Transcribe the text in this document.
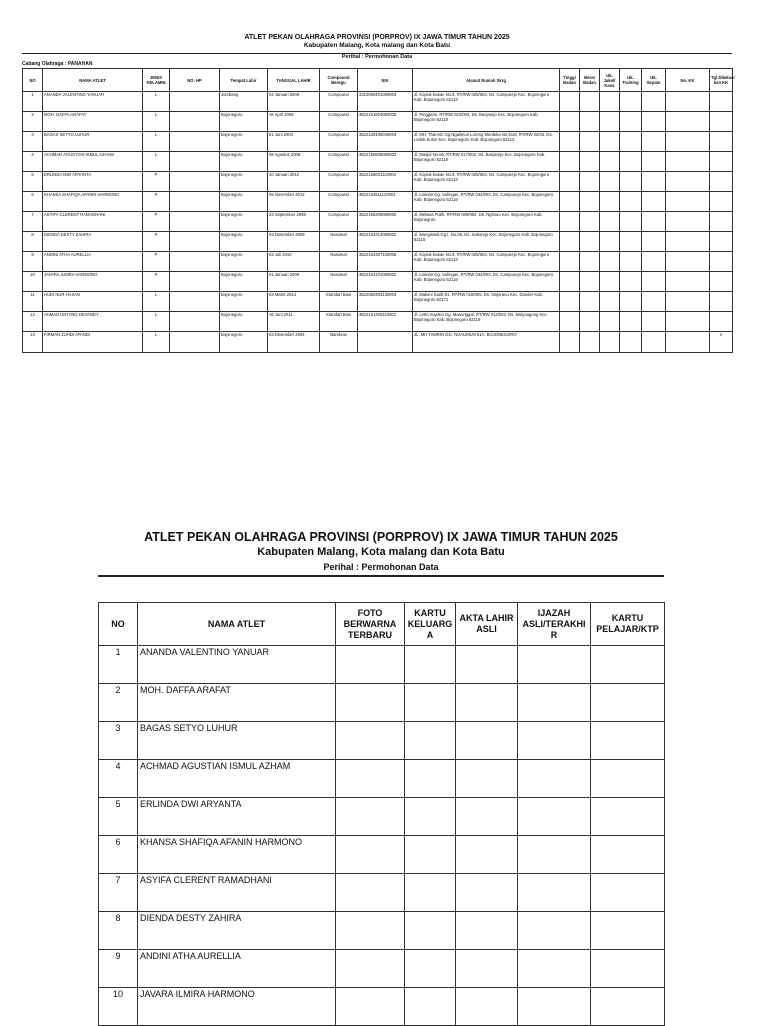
ATLET PEKAN OLAHRAGA PROVINSI (PORPROV) IX JAWA TIMUR TAHUN 2025
Kabupaten Malang, Kota malang dan Kota Batu
Perihal : Permohonan Data
Cabang Olahraga : PANAHAN
NO	NAMA ATLET	JENIS KELAMIN	NO. HP	Tempat Lahir	TANGGAL LAHIR	Compound Beregu	NIK	Alamat Rumah Skrg	Tinggi Badan	Berat Badan	Uk. Jaket/ Kaos	Uk. Training	Uk. Sepatu	No. KK	Tgl.Dikeluar kan KK
1	ANANDA VALENTINO YANUAR	L		Jombang	04 Januari 2009	Compound	3310090401090003	Jl. Kopral Kasan No.5, RT/RW 005/004, Ds. Campurejo Kec. Bojonegoro Kab. Bojonegoro 62119							
2	MOH. DAFFA ARAFAT	L		Bojonegoro	16 April 2006	Compound	3522151604060005	Jl. Pinggiran, RT/RW 023/003, Ds. Banjarejo Kec. Bojonegoro Kab. Bojonegoro 62118							
3	BAGAS SETYO LUHUR	L		Bojonegoro	01 Juni 2004	Compound	3522130106040004	Jl. MH. Thamrin Gg.Ngalimun Lorong Merdeka No.51M, RT/RW 02/03, Ds. Ledok Kulon Kec. Bojonegoro Kab. Bojonegoro 62112							
4	ACHMAD AGUSTIAN ISMUL AZHAM	L		Bojonegoro	08 Agustus 2009	Compound	3522150808090003	Jl. Masjid No.06, RT/RW 017/003, Ds. Banjarejo Kec. Bojonegoro Kab. Bojonegoro 62118							
5	ERLINDA DWI ARYANTA	P		Bojonegoro	10 Januari 2012	Compound	3522155001120004	Jl. Kopral Kasan No.8, RT/RW 005/004, Ds. Campurejo Kec. Bojonegoro Kab. Bojonegoro 62119							
6	KHANSA SHAFIQA AFANIN HARMONO	P		Bojonegoro	05 November 2012	Compound	3522154511120001	Jl. Liaman Gg. Sulingan, RT/RW 034/003, Ds. Campurejo Kec. Bojonegoro Kab. Bojonegoro 62119							
7	ASYIFA CLERENT RAMADHANI	P		Bojonegoro	23 September 2008	Compound	3522156309080002	Jl. Melwas Putih, RT/RW 009/002, Ds. Ngrowo Kec. Bojonegoro Kab. Bojonegoro							
8	DIENDA DESTY ZAHIRA	P		Bojonegoro	03 Desember 2009	Nasional	3522164312090002	Jl. Munginsidi Gg.I, No.06, Ds. Sukorejo Kec. Bojonegoro Kab. Bojonegoro 62115							
9	ANDINI ATHA AURELLIA	P		Bojonegoro	03 Juli 2010	Nasional	3522154307100005	Jl. Kopral Kasan No.8, RT/RW 005/004, Ds. Campurejo Kec. Bojonegoro Kab. Bojonegoro 62119							
10	JAVARA ILMIRA HARMONO	P		Bojonegoro	01 Januari 2009	Nasional	3522154101090002	Jl. Liaman Gg. Sulingan, RT/RW 034/003, Ds. Campurejo Kec. Bojonegoro Kab. Bojonegoro 62119							
11	HUDI NUR HASAN	L		Bojonegoro	03 Maret 2013	Standart Bow	3522060303130003	Jl. Malioni Sarilt-01, RT/RW 018/005, Ds. Mojoranu Kec. Dander Kab. Bojonegoro 62171							
12	AHMAD UNTANG DEVANDY	L		Bojonegoro	16 Juni 2011	Standart Bow	3522151306110002	Jl. Letto Suyitno Gg. Manunggal, RT/RW 012/003, Ds. Mulyoagung Kec. Bojonegoro Kab. Bojonegoro 62119							
13	FIRMAN ZUHDI AFANDI	L		Bojonegoro	03 Desember 2004	Barebow		JL. MH TAMRIN GG. NGAUMUN 51A, BOJONEGORO							V
ATLET PEKAN OLAHRAGA PROVINSI (PORPROV) IX JAWA TIMUR TAHUN 2025
Kabupaten Malang, Kota malang dan Kota Batu
Perihal : Permohonan Data
NO	NAMA ATLET	FOTO BERWARNA TERBARU	KARTU KELUARG A	AKTA LAHIR ASLI	IJAZAH ASLI/TERAKHI R	KARTU PELAJAR/KTP
1	ANANDA VALENTINO YANUAR					
2	MOH. DAFFA ARAFAT					
3	BAGAS SETYO LUHUR					
4	ACHMAD AGUSTIAN ISMUL AZHAM					
5	ERLINDA DWI ARYANTA					
6	KHANSA SHAFIQA AFANIN HARMONO					
7	ASYIFA CLERENT RAMADHANI					
8	DIENDA DESTY ZAHIRA					
9	ANDINI ATHA AURELLIA					
10	JAVARA ILMIRA HARMONO					
